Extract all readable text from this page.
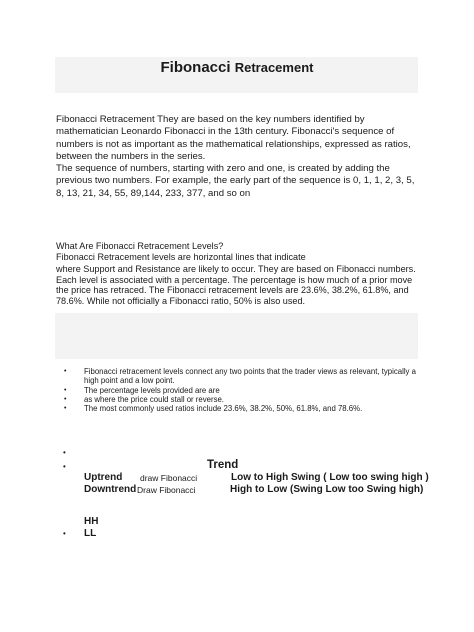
Fibonacci Retracement
Fibonacci Retracement They are based on the key numbers identified by mathematician Leonardo Fibonacci in the 13th century. Fibonacci's sequence of numbers is not as important as the mathematical relationships, expressed as ratios, between the numbers in the series.
The sequence of numbers, starting with zero and one, is created by adding the previous two numbers. For example, the early part of the sequence is 0, 1, 1, 2, 3, 5, 8, 13, 21, 34, 55, 89,144, 233, 377, and so on
What Are Fibonacci Retracement Levels?
Fibonacci Retracement levels are horizontal lines that indicate
where Support and Resistance are likely to occur. They are based on Fibonacci numbers. Each level is associated with a percentage. The percentage is how much of a prior move the price has retraced. The Fibonacci retracement levels are 23.6%, 38.2%, 61.8%, and 78.6%. While not officially a Fibonacci ratio, 50% is also used.
• Fibonacci retracement levels connect any two points that the trader views as relevant, typically a high point and a low point.
• The percentage levels provided are are
• as where the price could stall or reverse.
• The most commonly used ratios include 23.6%, 38.2%, 50%, 61.8%, and 78.6%.
•
•	Trend
Uptrend draw Fibonacci	Low to High Swing ( Low too swing high )
Downtrend Draw Fibonacci	High to Low (Swing Low too Swing high)
HH
• LL
